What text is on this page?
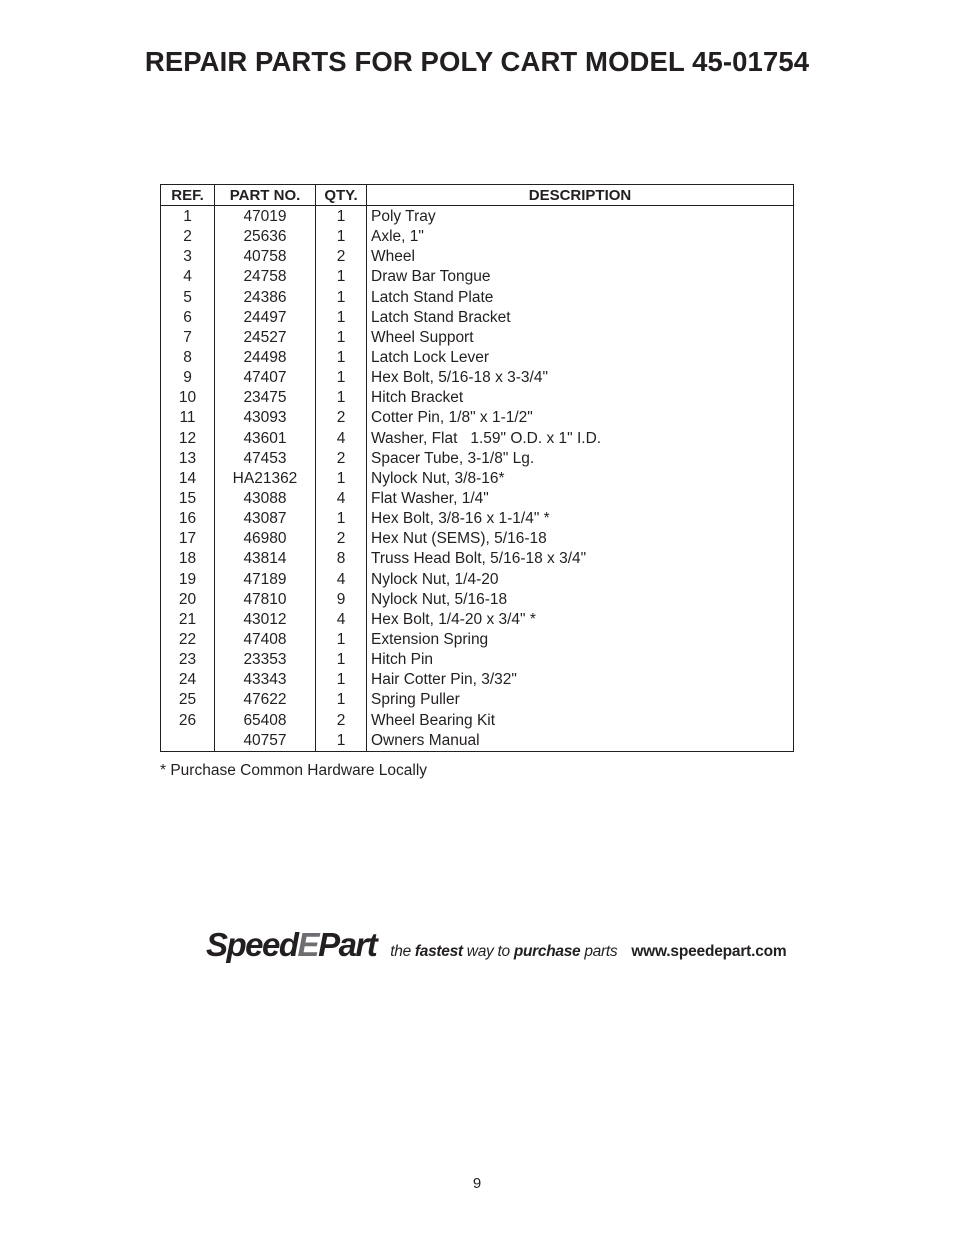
REPAIR PARTS FOR POLY CART MODEL 45-01754
REF.	PART NO.	QTY.	DESCRIPTION
1	47019	1	Poly Tray
2	25636	1	Axle, 1"
3	40758	2	Wheel
4	24758	1	Draw Bar Tongue
5	24386	1	Latch Stand Plate
6	24497	1	Latch Stand Bracket
7	24527	1	Wheel Support
8	24498	1	Latch Lock Lever
9	47407	1	Hex Bolt, 5/16-18 x 3-3/4"
10	23475	1	Hitch Bracket
11	43093	2	Cotter Pin, 1/8" x 1-1/2"
12	43601	4	Washer, Flat   1.59" O.D. x 1" I.D.
13	47453	2	Spacer Tube, 3-1/8" Lg.
14	HA21362	1	Nylock Nut, 3/8-16*
15	43088	4	Flat Washer, 1/4"
16	43087	1	Hex Bolt, 3/8-16 x 1-1/4" *
17	46980	2	Hex Nut (SEMS), 5/16-18
18	43814	8	Truss Head Bolt, 5/16-18 x 3/4"
19	47189	4	Nylock Nut, 1/4-20
20	47810	9	Nylock Nut, 5/16-18
21	43012	4	Hex Bolt, 1/4-20 x 3/4" *
22	47408	1	Extension Spring
23	23353	1	Hitch Pin
24	43343	1	Hair Cotter Pin, 3/32"
25	47622	1	Spring Puller
26	65408	2	Wheel Bearing Kit
	40757	1	Owners Manual
* Purchase Common Hardware Locally
SpeedEPart the fastest way to purchase parts www.speedepart.com
9
